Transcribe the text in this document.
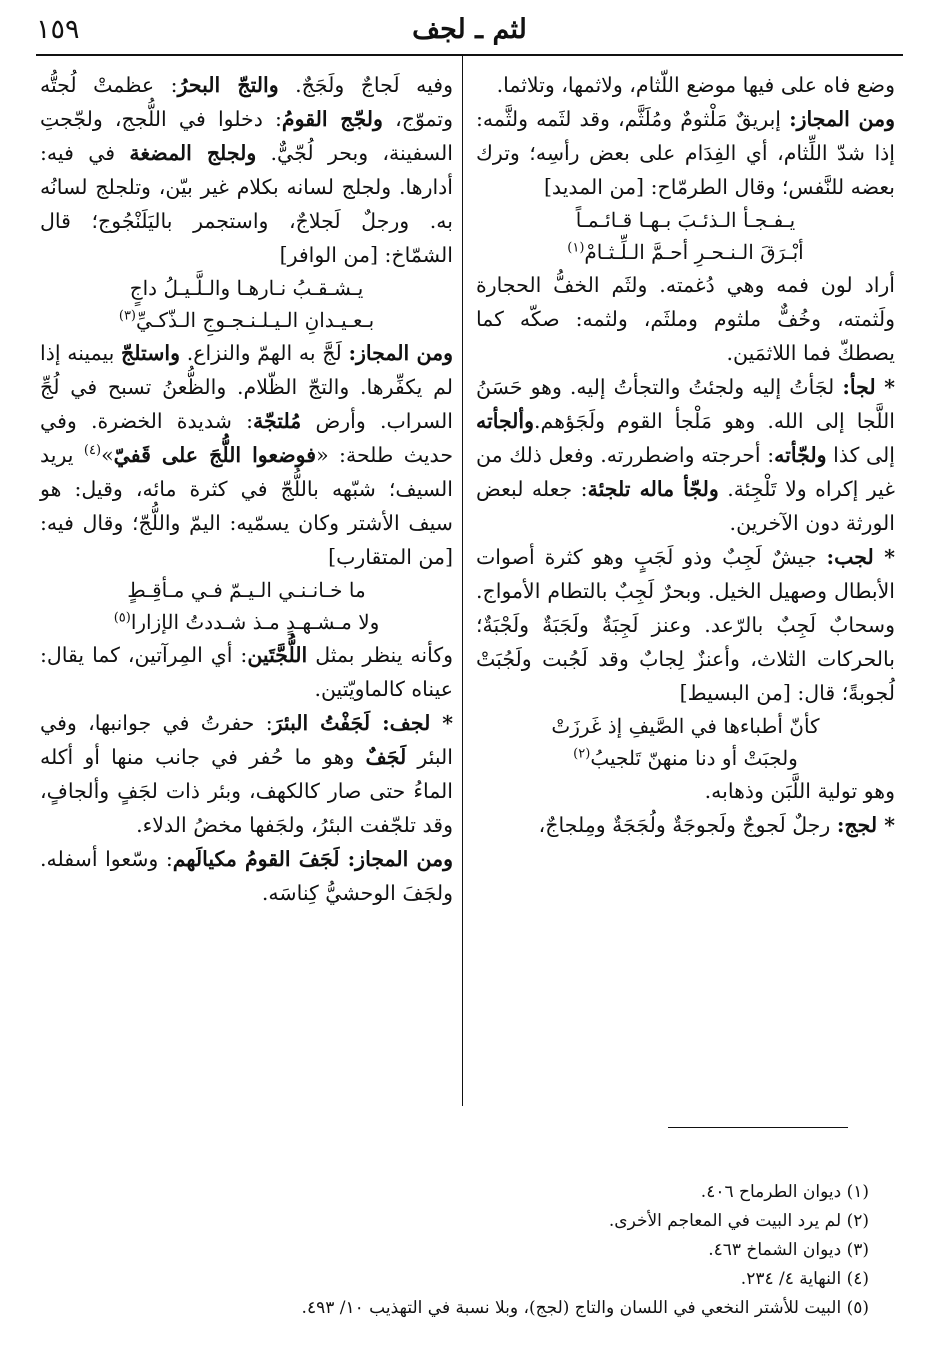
١٥٩	لثم ـ لجف

وضع فاه على فيها موضع اللّثام، ولاثمها، وتلاثما.

ومن المجاز: إبريقٌ مَلْثومٌ ومُلَثَّم، وقد لثَمه ولثَّمه: إذا شدّ اللِّثام، أي الفِدَام على بعض رأسِه؛ وترك بعضه للنَّفس؛ وقال الطرمّاح: [من المديد]

يـفـجـأ الـذئـبَ بـهـا قـائـمـاً
أبْـرَقَ الـنـحـرِ أحـمَّ الـلِّـثـامْ$^{(١)}$

أراد لون فمه وهي دُغمته. ولثَم الخفُّ الحجارة ولَثمته، وخُفٌّ ملثوم وملثَم، ولثمه: صكّه كما يصطكّ فما اللاثمَين.

* لجأ: لجَأتُ إليه ولجئتُ والتجأتُ إليه. وهو حَسَنُ اللَّجا إلى الله. وهو مَلْجأ القوم ولَجَؤهم.وألجأته إلى كذا ولجّأته: أحرجته واضطررته. وفعل ذلك من غير إكراه ولا تَلْجِئة. ولجّأ ماله تلجئة: جعله لبعض الورثة دون الآخرين.

* لجب: جيشٌ لَجِبٌ وذو لَجَبٍ وهو كثرة أصوات الأبطال وصهيل الخيل. وبحرٌ لَجِبٌ بالتطام الأمواج. وسحابٌ لَجِبٌ بالرّعد. وعنز لَجِبَةٌ ولَجَبَةٌ ولَجْبَةٌ؛ بالحركات الثلاث، وأعنزٌ لِجابٌ وقد لَجُبت ولَجُبَتْ لُجوبةً؛ قال: [من البسيط]

كأنّ أطباءها في الصَّيفِ إذ غَرزَتْ
ولجبَتْ أو دنا منهنّ تَلجيبُ$^{(٢)}$

وهو تولية اللَّبَن وذهابه.

* لجج: رجلٌ لَجوجٌ ولَجوجَةٌ ولُجَجَةٌ ومِلجاجٌ،

وفيه لَجاجٌ ولَجَجٌ. والتجّ البحرُ: عظمتْ لُجتُّه وتموّج، ولجّج القومُ: دخلوا في اللُّجج، ولجّجتِ السفينة، وبحر لُجّيٌّ. ولجلج المضغة في فيه: أدارها. ولجلج لسانه بكلام غير بيّن، وتلجلج لسانُه به. ورجلٌ لَجلاجٌ، واستجمر باليَلَنْجُوج؛ قال الشمّاخ: [من الوافر]

يـشـقـبُ نـارهـا والـلَّـيـلُ داجٍ
بـعـيـدانِ الـيـلـنـجـوجِ الـذّكـيِّ$^{(٣)}$

ومن المجاز: لَجَّ به الهمّ والنزاع. واستلجّ بيمينه إذا لم يكفِّرها. والتجّ الظّلام. والظُّعنُ تسبح في لُجِّ السراب. وأرض مُلتجّة: شديدة الخضرة. وفي حديث طلحة: «فوضعوا اللُّجَ على قَفيّ»$^{(٤)}$ يريد السيف؛ شبّهه باللُّجّ في كثرة مائه، وقيل: هو سيف الأشتر وكان يسمّيه: اليمّ واللُّجّ؛ وقال فيه: [من المتقارب]

ما خـانـنـي الـيـمّ فـي مـأقِـطٍ
ولا مـشـهـدٍ مـذ شـددتُ الإزارا$^{(٥)}$

وكأنه ينظر بمثل اللُّجَّتَين: أي المِرآتين، كما يقال: عيناه كالماويّتين.

* لجف: لَجَفْتُ البئرَ: حفرتُ في جوانبها، وفي البئر لَجَفٌ وهو ما حُفر في جانب منها أو أكله الماءُ حتى صار كالكهف، وبئر ذات لجَفٍ وألجافٍ، وقد تلجّفت البئرُ، ولجَفها مخضُ الدلاء.

ومن المجاز: لَجَفَ القومُ مكيالَهم: وسّعوا أسفله. ولجَفَ الوحشيُّ كِناسَه.

(١) ديوان الطرماح ٤٠٦.

(٢) لم يرد البيت في المعاجم الأخرى.

(٣) ديوان الشماخ ٤٦٣.

(٤) النهاية ٤/ ٢٣٤.

(٥) البيت للأشتر النخعي في اللسان والتاج (لجج)، وبلا نسبة في التهذيب ١٠/ ٤٩٣.
